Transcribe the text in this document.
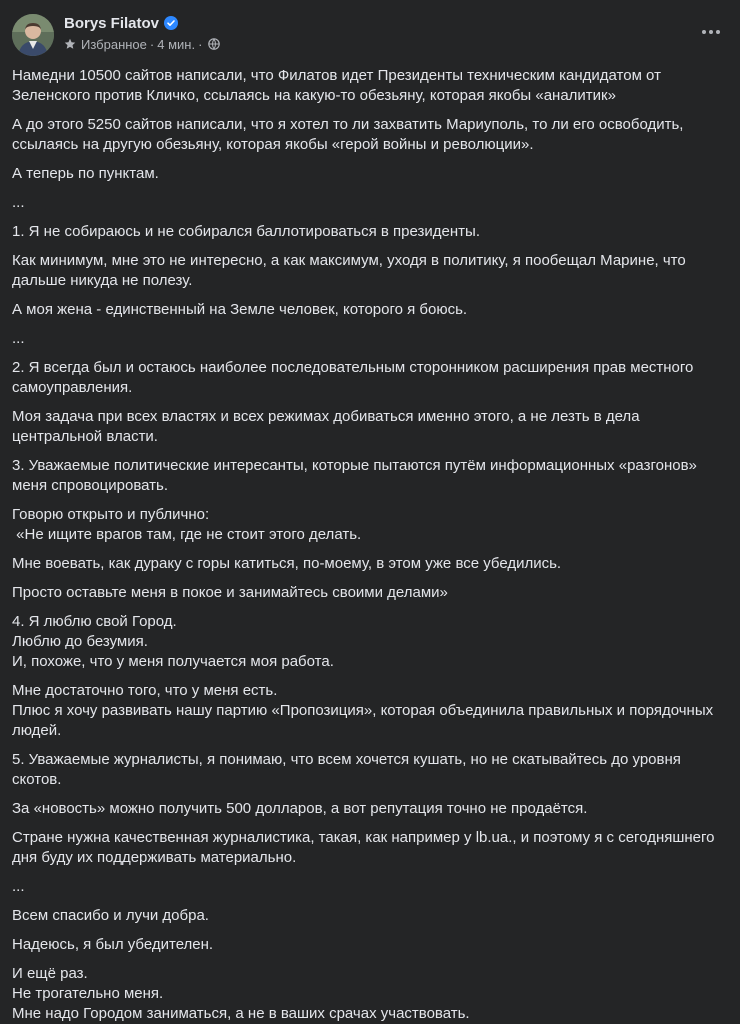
Borys Filatov
Избранное · 4 мин. ·

Намедни 10500 сайтов написали, что Филатов идет Президенты техническим кандидатом от Зеленского против Кличко, ссылаясь на какую-то обезьяну, которая якобы «аналитик»

А до этого 5250 сайтов написали, что я хотел то ли захватить Мариуполь, то ли его освободить, ссылаясь на другую обезьяну, которая якобы «герой войны и революции».

А теперь по пунктам.

...

1. Я не собираюсь и не собирался баллотироваться в президенты.

Как минимум, мне это не интересно, а как максимум, уходя в политику, я пообещал Марине, что дальше никуда не полезу.

А моя жена - единственный на Земле человек, которого я боюсь.

...

2. Я всегда был и остаюсь наиболее последовательным сторонником расширения прав местного самоуправления.

Моя задача при всех властях и всех режимах добиваться именно этого, а не лезть в дела центральной власти.

3. Уважаемые политические интересанты, которые пытаются путём информационных «разгонов» меня спровоцировать.

Говорю открыто и публично:
«Не ищите врагов там, где не стоит этого делать.

Мне воевать, как дураку с горы катиться, по-моему, в этом уже все убедились.

Просто оставьте меня в покое и занимайтесь своими делами»

4. Я люблю свой Город.
Люблю до безумия.
И, похоже, что у меня получается моя работа.

Мне достаточно того, что у меня есть.
Плюс я хочу развивать нашу партию «Пропозиция», которая объединила правильных и порядочных людей.

5. Уважаемые журналисты, я понимаю, что всем хочется кушать, но не скатывайтесь до уровня скотов.

За «новость» можно получить 500 долларов, а вот репутация точно не продаётся.

Стране нужна качественная журналистика, такая, как например у lb.ua., и поэтому я с сегодняшнего дня буду их поддерживать материально.

...

Всем спасибо и лучи добра.

Надеюсь, я был убедителен.

И ещё раз.
Не трогательно меня.
Мне надо Городом заниматься, а не в ваших срачах участвовать.
